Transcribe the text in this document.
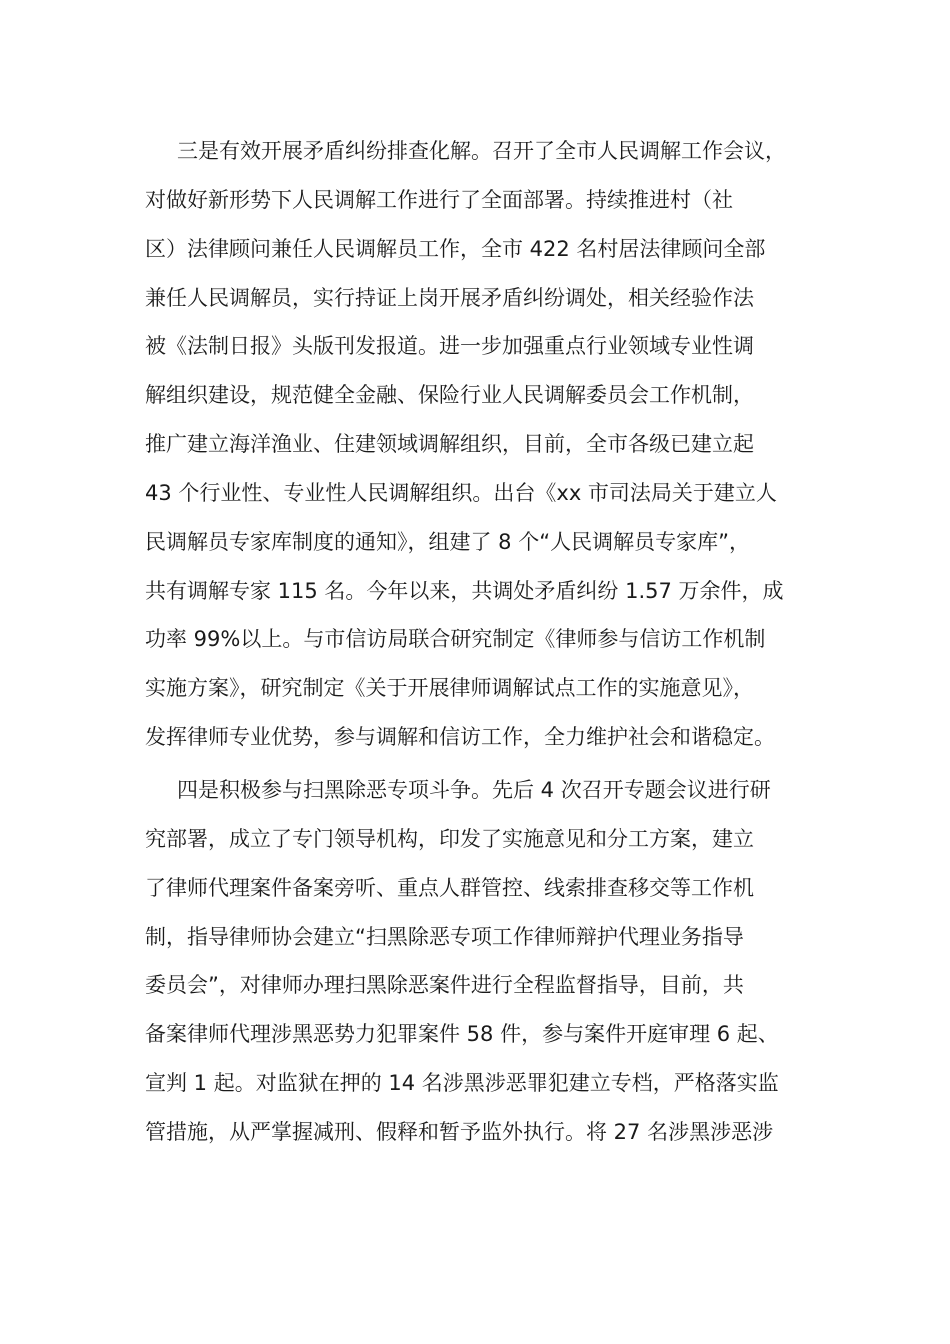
三是有效开展矛盾纠纷排查化解。召开了全市人民调解工作会议，
对做好新形势下人民调解工作进行了全面部署。持续推进村（社
区）法律顾问兼任人民调解员工作，全市 422 名村居法律顾问全部
兼任人民调解员，实行持证上岗开展矛盾纠纷调处，相关经验作法
被《法制日报》头版刊发报道。进一步加强重点行业领域专业性调
解组织建设，规范健全金融、保险行业人民调解委员会工作机制，
推广建立海洋渔业、住建领域调解组织，目前，全市各级已建立起
43 个行业性、专业性人民调解组织。出台《xx 市司法局关于建立人
民调解员专家库制度的通知》，组建了 8 个“人民调解员专家库”，
共有调解专家 115 名。今年以来，共调处矛盾纠纷 1.57 万余件，成
功率 99%以上。与市信访局联合研究制定《律师参与信访工作机制
实施方案》，研究制定《关于开展律师调解试点工作的实施意见》，
发挥律师专业优势，参与调解和信访工作，全力维护社会和谐稳定。
四是积极参与扫黑除恶专项斗争。先后 4 次召开专题会议进行研
究部署，成立了专门领导机构，印发了实施意见和分工方案，建立
了律师代理案件备案旁听、重点人群管控、线索排查移交等工作机
制，指导律师协会建立“扫黑除恶专项工作律师辩护代理业务指导
委员会”，对律师办理扫黑除恶案件进行全程监督指导，目前，共
备案律师代理涉黑恶势力犯罪案件 58 件，参与案件开庭审理 6 起、
宣判 1 起。对监狱在押的 14 名涉黑涉恶罪犯建立专档，严格落实监
管措施，从严掌握减刑、假释和暂予监外执行。将 27 名涉黑涉恶涉
